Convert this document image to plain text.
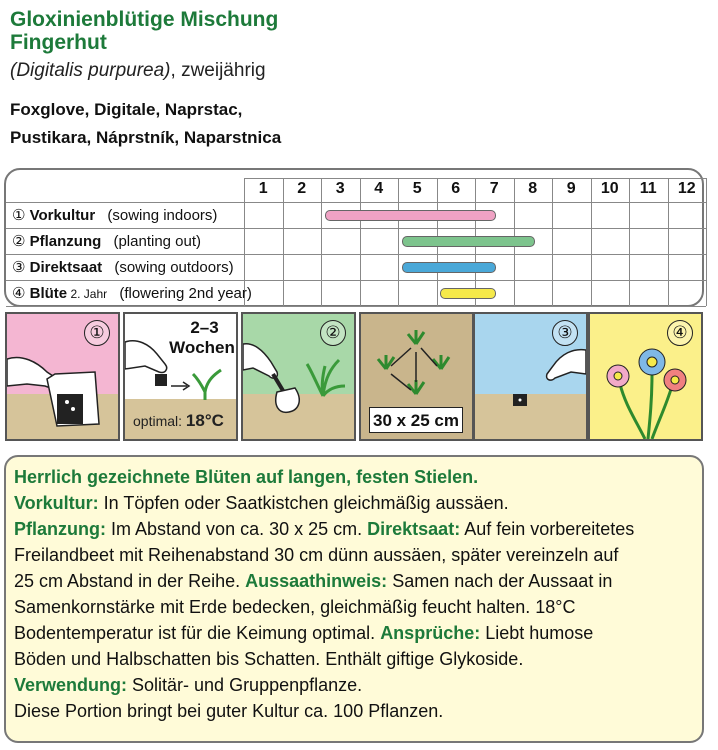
Gloxinienblütige Mischung
Fingerhut
(Digitalis purpurea), zweijährig
Foxglove, Digitale, Naprstac,
Pustikara, Náprstník, Naparstnica
1	2	3	4	5	6	7	8	9	10	11	12
① Vorkultur (sowing indoors)
② Pflanzung (planting out)
③ Direktsaat (sowing outdoors)
④ Blüte 2. Jahr (flowering 2nd year)
①	2–3
Wochen
optimal: 18°C
②
30 x 25 cm
③	④
Herrlich gezeichnete Blüten auf langen, festen Stielen.
Vorkultur: In Töpfen oder Saatkistchen gleichmäßig aussäen.
Pflanzung: Im Abstand von ca. 30 x 25 cm. Direktsaat: Auf fein vorbereitetes
Freilandbeet mit Reihenabstand 30 cm dünn aussäen, später vereinzeln auf
25 cm Abstand in der Reihe. Aussaathinweis: Samen nach der Aussaat in
Samenkornstärke mit Erde bedecken, gleichmäßig feucht halten. 18°C
Bodentemperatur ist für die Keimung optimal. Ansprüche: Liebt humose
Böden und Halbschatten bis Schatten. Enthält giftige Glykoside.
Verwendung: Solitär- und Gruppenpflanze.
Diese Portion bringt bei guter Kultur ca. 100 Pflanzen.
